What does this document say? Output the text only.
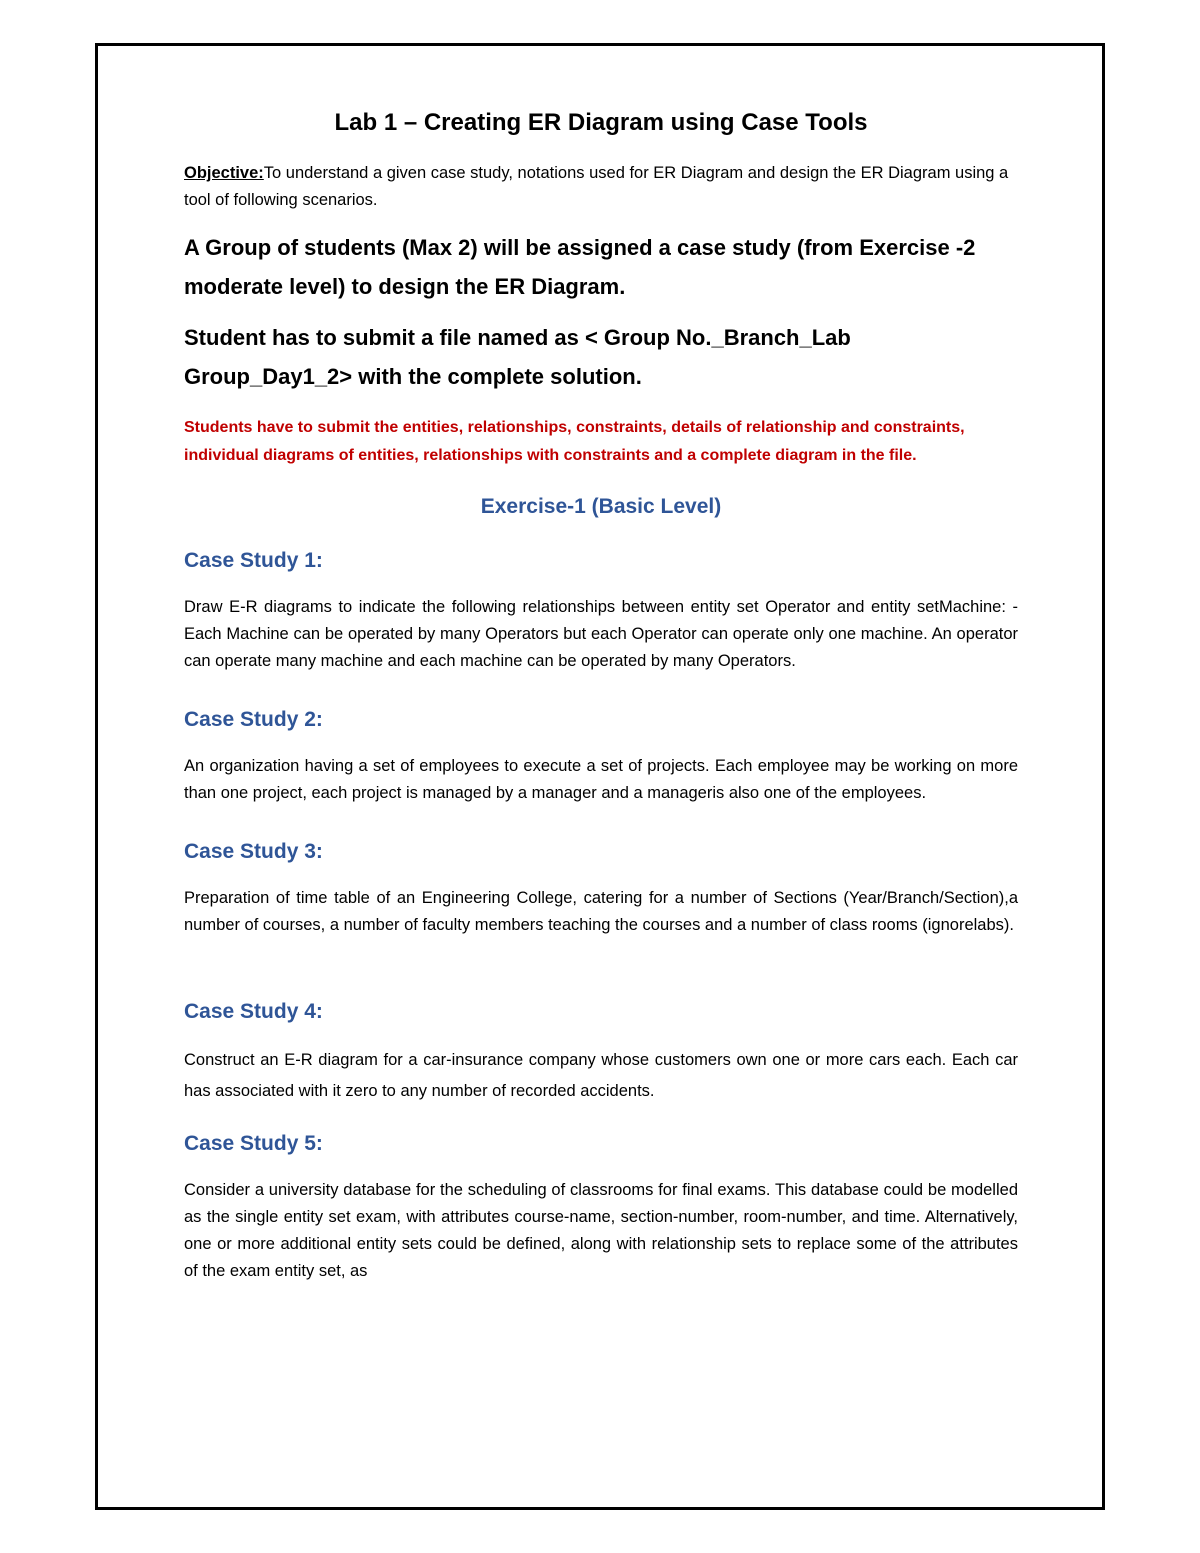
Lab 1 – Creating ER Diagram using Case Tools

Objective:To understand a given case study, notations used for ER Diagram and design the ER Diagram using a tool of following scenarios.

A Group of students (Max 2) will be assigned a case study (from Exercise -2 moderate level) to design the ER Diagram.

Student has to submit a file named as < Group No._Branch_Lab Group_Day1_2> with the complete solution.

Students have to submit the entities, relationships, constraints, details of relationship and constraints, individual diagrams of entities, relationships with constraints and a complete diagram in the file.

Exercise-1 (Basic Level)
Case Study 1:

Draw E-R diagrams to indicate the following relationships between entity set Operator and entity setMachine: - Each Machine can be operated by many Operators but each Operator can operate only one machine. An operator can operate many machine and each machine can be operated by many Operators.

Case Study 2:

An organization having a set of employees to execute a set of projects. Each employee may be working on more than one project, each project is managed by a manager and a manageris also one of the employees.

Case Study 3:

Preparation of time table of an Engineering College, catering for a number of Sections (Year/Branch/Section),a number of courses, a number of faculty members teaching the courses and a number of class rooms (ignorelabs).

Case Study 4:

Construct an E-R diagram for a car-insurance company whose customers own one or more cars each. Each car has associated with it zero to any number of recorded accidents.

Case Study 5:

Consider a university database for the scheduling of classrooms for final exams. This database could be modelled as the single entity set exam, with attributes course-name, section-number, room-number, and time. Alternatively, one or more additional entity sets could be defined, along with relationship sets to replace some of the attributes of the exam entity set, as
